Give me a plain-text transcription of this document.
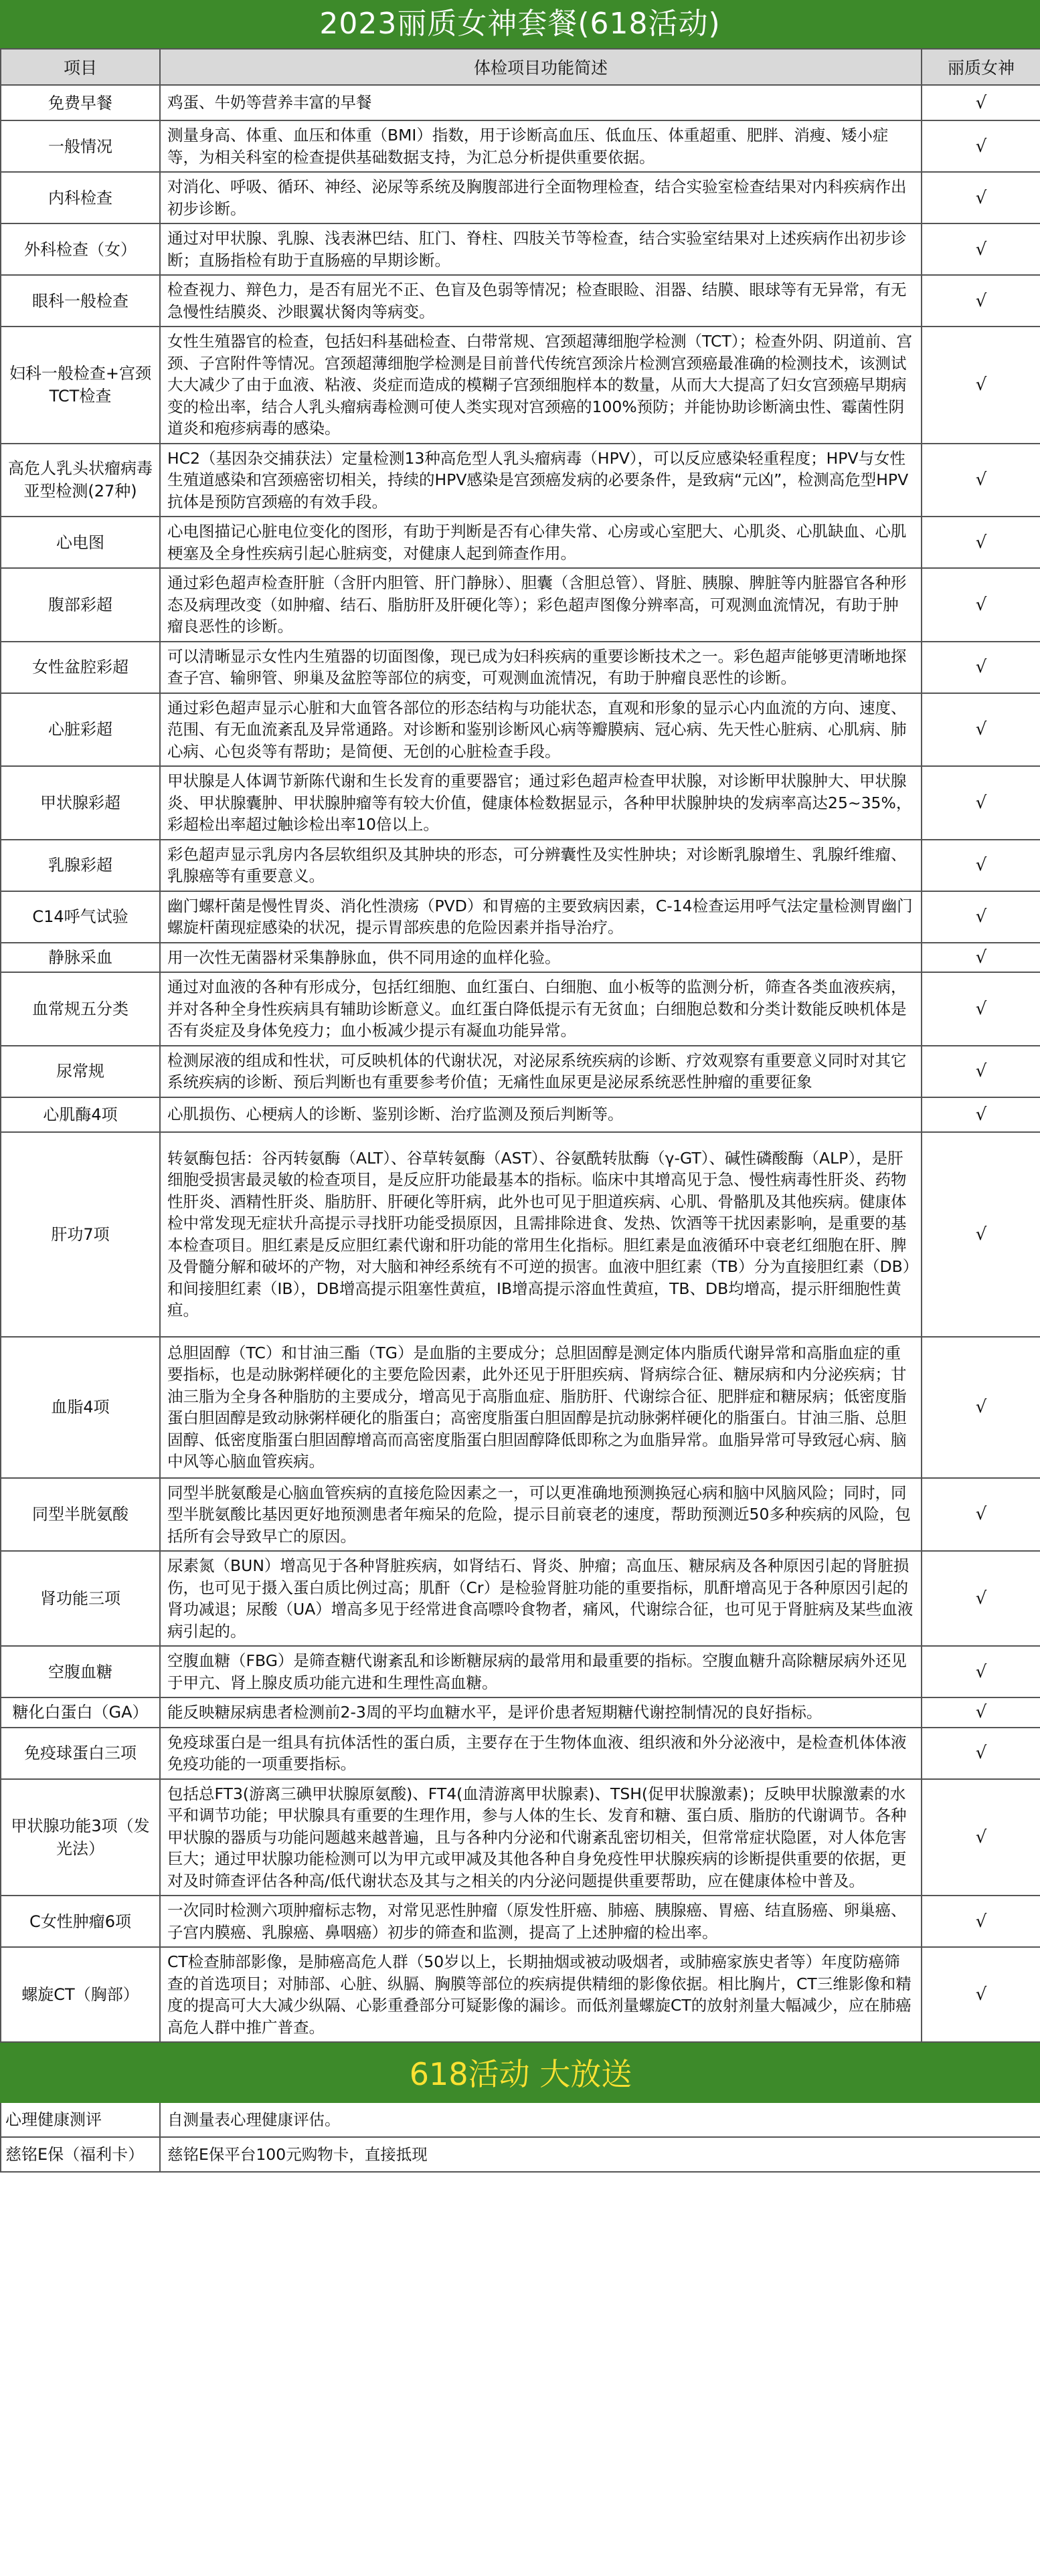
2023丽质女神套餐(618活动)
项目	体检项目功能简述	丽质女神
免费早餐	鸡蛋、牛奶等营养丰富的早餐	√
一般情况	测量身高、体重、血压和体重（BMI）指数，用于诊断高血压、低血压、体重超重、肥胖、消瘦、矮小症等，为相关科室的检查提供基础数据支持，为汇总分析提供重要依据。	√
内科检查	对消化、呼吸、循环、神经、泌尿等系统及胸腹部进行全面物理检查，结合实验室检查结果对内科疾病作出初步诊断。	√
外科检查（女）	通过对甲状腺、乳腺、浅表淋巴结、肛门、脊柱、四肢关节等检查，结合实验室结果对上述疾病作出初步诊断；直肠指检有助于直肠癌的早期诊断。	√
眼科一般检查	检查视力、辩色力，是否有屈光不正、色盲及色弱等情况；检查眼睑、泪器、结膜、眼球等有无异常，有无急慢性结膜炎、沙眼翼状胬肉等病变。	√
妇科一般检查+宫颈TCT检查	女性生殖器官的检查，包括妇科基础检查、白带常规、宫颈超薄细胞学检测（TCT）；检查外阴、阴道前、宫颈、子宫附件等情况。宫颈超薄细胞学检测是目前普代传统宫颈涂片检测宫颈癌最准确的检测技术，该测试大大减少了由于血液、粘液、炎症而造成的模糊子宫颈细胞样本的数量，从而大大提高了妇女宫颈癌早期病变的检出率，结合人乳头瘤病毒检测可使人类实现对宫颈癌的100%预防；并能协助诊断滴虫性、霉菌性阴道炎和疱疹病毒的感染。	√
高危人乳头状瘤病毒亚型检测(27种)	HC2（基因杂交捕获法）定量检测13种高危型人乳头瘤病毒（HPV），可以反应感染轻重程度；HPV与女性生殖道感染和宫颈癌密切相关，持续的HPV感染是宫颈癌发病的必要条件，是致病“元凶”，检测高危型HPV抗体是预防宫颈癌的有效手段。	√
心电图	心电图描记心脏电位变化的图形，有助于判断是否有心律失常、心房或心室肥大、心肌炎、心肌缺血、心肌梗塞及全身性疾病引起心脏病变，对健康人起到筛查作用。	√
腹部彩超	通过彩色超声检查肝脏（含肝内胆管、肝门静脉）、胆囊（含胆总管）、肾脏、胰腺、脾脏等内脏器官各种形态及病理改变（如肿瘤、结石、脂肪肝及肝硬化等）；彩色超声图像分辨率高，可观测血流情况，有助于肿瘤良恶性的诊断。	√
女性盆腔彩超	可以清晰显示女性内生殖器的切面图像，现已成为妇科疾病的重要诊断技术之一。彩色超声能够更清晰地探查子宫、输卵管、卵巢及盆腔等部位的病变，可观测血流情况，有助于肿瘤良恶性的诊断。	√
心脏彩超	通过彩色超声显示心脏和大血管各部位的形态结构与功能状态，直观和形象的显示心内血流的方向、速度、范围、有无血流紊乱及异常通路。对诊断和鉴别诊断风心病等瓣膜病、冠心病、先天性心脏病、心肌病、肺心病、心包炎等有帮助；是简便、无创的心脏检查手段。	√
甲状腺彩超	甲状腺是人体调节新陈代谢和生长发育的重要器官；通过彩色超声检查甲状腺，对诊断甲状腺肿大、甲状腺炎、甲状腺囊肿、甲状腺肿瘤等有较大价值，健康体检数据显示，各种甲状腺肿块的发病率高达25~35%，彩超检出率超过触诊检出率10倍以上。	√
乳腺彩超	彩色超声显示乳房内各层软组织及其肿块的形态，可分辨囊性及实性肿块；对诊断乳腺增生、乳腺纤维瘤、乳腺癌等有重要意义。	√
C14呼气试验	幽门螺杆菌是慢性胃炎、消化性溃疡（PVD）和胃癌的主要致病因素，C-14检查运用呼气法定量检测胃幽门螺旋杆菌现症感染的状况，提示胃部疾患的危险因素并指导治疗。	√
静脉采血	用一次性无菌器材采集静脉血，供不同用途的血样化验。	√
血常规五分类	通过对血液的各种有形成分，包括红细胞、血红蛋白、白细胞、血小板等的监测分析，筛查各类血液疾病，并对各种全身性疾病具有辅助诊断意义。血红蛋白降低提示有无贫血；白细胞总数和分类计数能反映机体是否有炎症及身体免疫力；血小板减少提示有凝血功能异常。	√
尿常规	检测尿液的组成和性状，可反映机体的代谢状况，对泌尿系统疾病的诊断、疗效观察有重要意义同时对其它系统疾病的诊断、预后判断也有重要参考价值；无痛性血尿更是泌尿系统恶性肿瘤的重要征象	√
心肌酶4项	心肌损伤、心梗病人的诊断、鉴别诊断、治疗监测及预后判断等。	√
肝功7项	转氨酶包括：谷丙转氨酶（ALT）、谷草转氨酶（AST）、谷氨酰转肽酶（γ-GT）、碱性磷酸酶（ALP），是肝细胞受损害最灵敏的检查项目，是反应肝功能最基本的指标。临床中其增高见于急、慢性病毒性肝炎、药物性肝炎、酒精性肝炎、脂肪肝、肝硬化等肝病，此外也可见于胆道疾病、心肌、骨骼肌及其他疾病。健康体检中常发现无症状升高提示寻找肝功能受损原因，且需排除进食、发热、饮酒等干扰因素影响，是重要的基本检查项目。胆红素是反应胆红素代谢和肝功能的常用生化指标。胆红素是血液循环中衰老红细胞在肝、脾及骨髓分解和破坏的产物，对大脑和神经系统有不可逆的损害。血液中胆红素（TB）分为直接胆红素（DB）和间接胆红素（IB），DB增高提示阻塞性黄疸，IB增高提示溶血性黄疸，TB、DB均增高，提示肝细胞性黄疸。	√
血脂4项	总胆固醇（TC）和甘油三酯（TG）是血脂的主要成分；总胆固醇是测定体内脂质代谢异常和高脂血症的重要指标，也是动脉粥样硬化的主要危险因素，此外还见于肝胆疾病、肾病综合征、糖尿病和内分泌疾病；甘油三脂为全身各种脂肪的主要成分，增高见于高脂血症、脂肪肝、代谢综合征、肥胖症和糖尿病；低密度脂蛋白胆固醇是致动脉粥样硬化的脂蛋白；高密度脂蛋白胆固醇是抗动脉粥样硬化的脂蛋白。甘油三脂、总胆固醇、低密度脂蛋白胆固醇增高而高密度脂蛋白胆固醇降低即称之为血脂异常。血脂异常可导致冠心病、脑中风等心脑血管疾病。	√
同型半胱氨酸	同型半胱氨酸是心脑血管疾病的直接危险因素之一，可以更准确地预测换冠心病和脑中风脑风险；同时，同型半胱氨酸比基因更好地预测患者年痴呆的危险，提示目前衰老的速度，帮助预测近50多种疾病的风险，包括所有会导致早亡的原因。	√
肾功能三项	尿素氮（BUN）增高见于各种肾脏疾病，如肾结石、肾炎、肿瘤；高血压、糖尿病及各种原因引起的肾脏损伤，也可见于摄入蛋白质比例过高；肌酐（Cr）是检验肾脏功能的重要指标，肌酐增高见于各种原因引起的肾功减退；尿酸（UA）增高多见于经常进食高嘌呤食物者，痛风，代谢综合征，也可见于肾脏病及某些血液病引起的。	√
空腹血糖	空腹血糖（FBG）是筛查糖代谢紊乱和诊断糖尿病的最常用和最重要的指标。空腹血糖升高除糖尿病外还见于甲亢、肾上腺皮质功能亢进和生理性高血糖。	√
糖化白蛋白（GA）	能反映糖尿病患者检测前2-3周的平均血糖水平，是评价患者短期糖代谢控制情况的良好指标。	√
免疫球蛋白三项	免疫球蛋白是一组具有抗体活性的蛋白质，主要存在于生物体血液、组织液和外分泌液中，是检查机体体液免疫功能的一项重要指标。	√
甲状腺功能3项（发光法）	包括总FT3(游离三碘甲状腺原氨酸)、FT4(血清游离甲状腺素)、TSH(促甲状腺激素)；反映甲状腺激素的水平和调节功能；甲状腺具有重要的生理作用，参与人体的生长、发育和糖、蛋白质、脂肪的代谢调节。各种甲状腺的器质与功能问题越来越普遍，且与各种内分泌和代谢紊乱密切相关，但常常症状隐匿，对人体危害巨大；通过甲状腺功能检测可以为甲亢或甲减及其他各种自身免疫性甲状腺疾病的诊断提供重要的依据，更对及时筛查评估各种高/低代谢状态及其与之相关的内分泌问题提供重要帮助，应在健康体检中普及。	√
C女性肿瘤6项	一次同时检测六项肿瘤标志物，对常见恶性肿瘤（原发性肝癌、肺癌、胰腺癌、胃癌、结直肠癌、卵巢癌、子宫内膜癌、乳腺癌、鼻咽癌）初步的筛查和监测，提高了上述肿瘤的检出率。	√
螺旋CT（胸部）	CT检查肺部影像，是肺癌高危人群（50岁以上，长期抽烟或被动吸烟者，或肺癌家族史者等）年度防癌筛查的首选项目；对肺部、心脏、纵膈、胸膜等部位的疾病提供精细的影像依据。相比胸片，CT三维影像和精度的提高可大大减少纵隔、心影重叠部分可疑影像的漏诊。而低剂量螺旋CT的放射剂量大幅减少，应在肺癌高危人群中推广普查。	√
618活动 大放送		
心理健康测评	自测量表心理健康评估。	
慈铭E保（福利卡）	慈铭E保平台100元购物卡，直接抵现	
